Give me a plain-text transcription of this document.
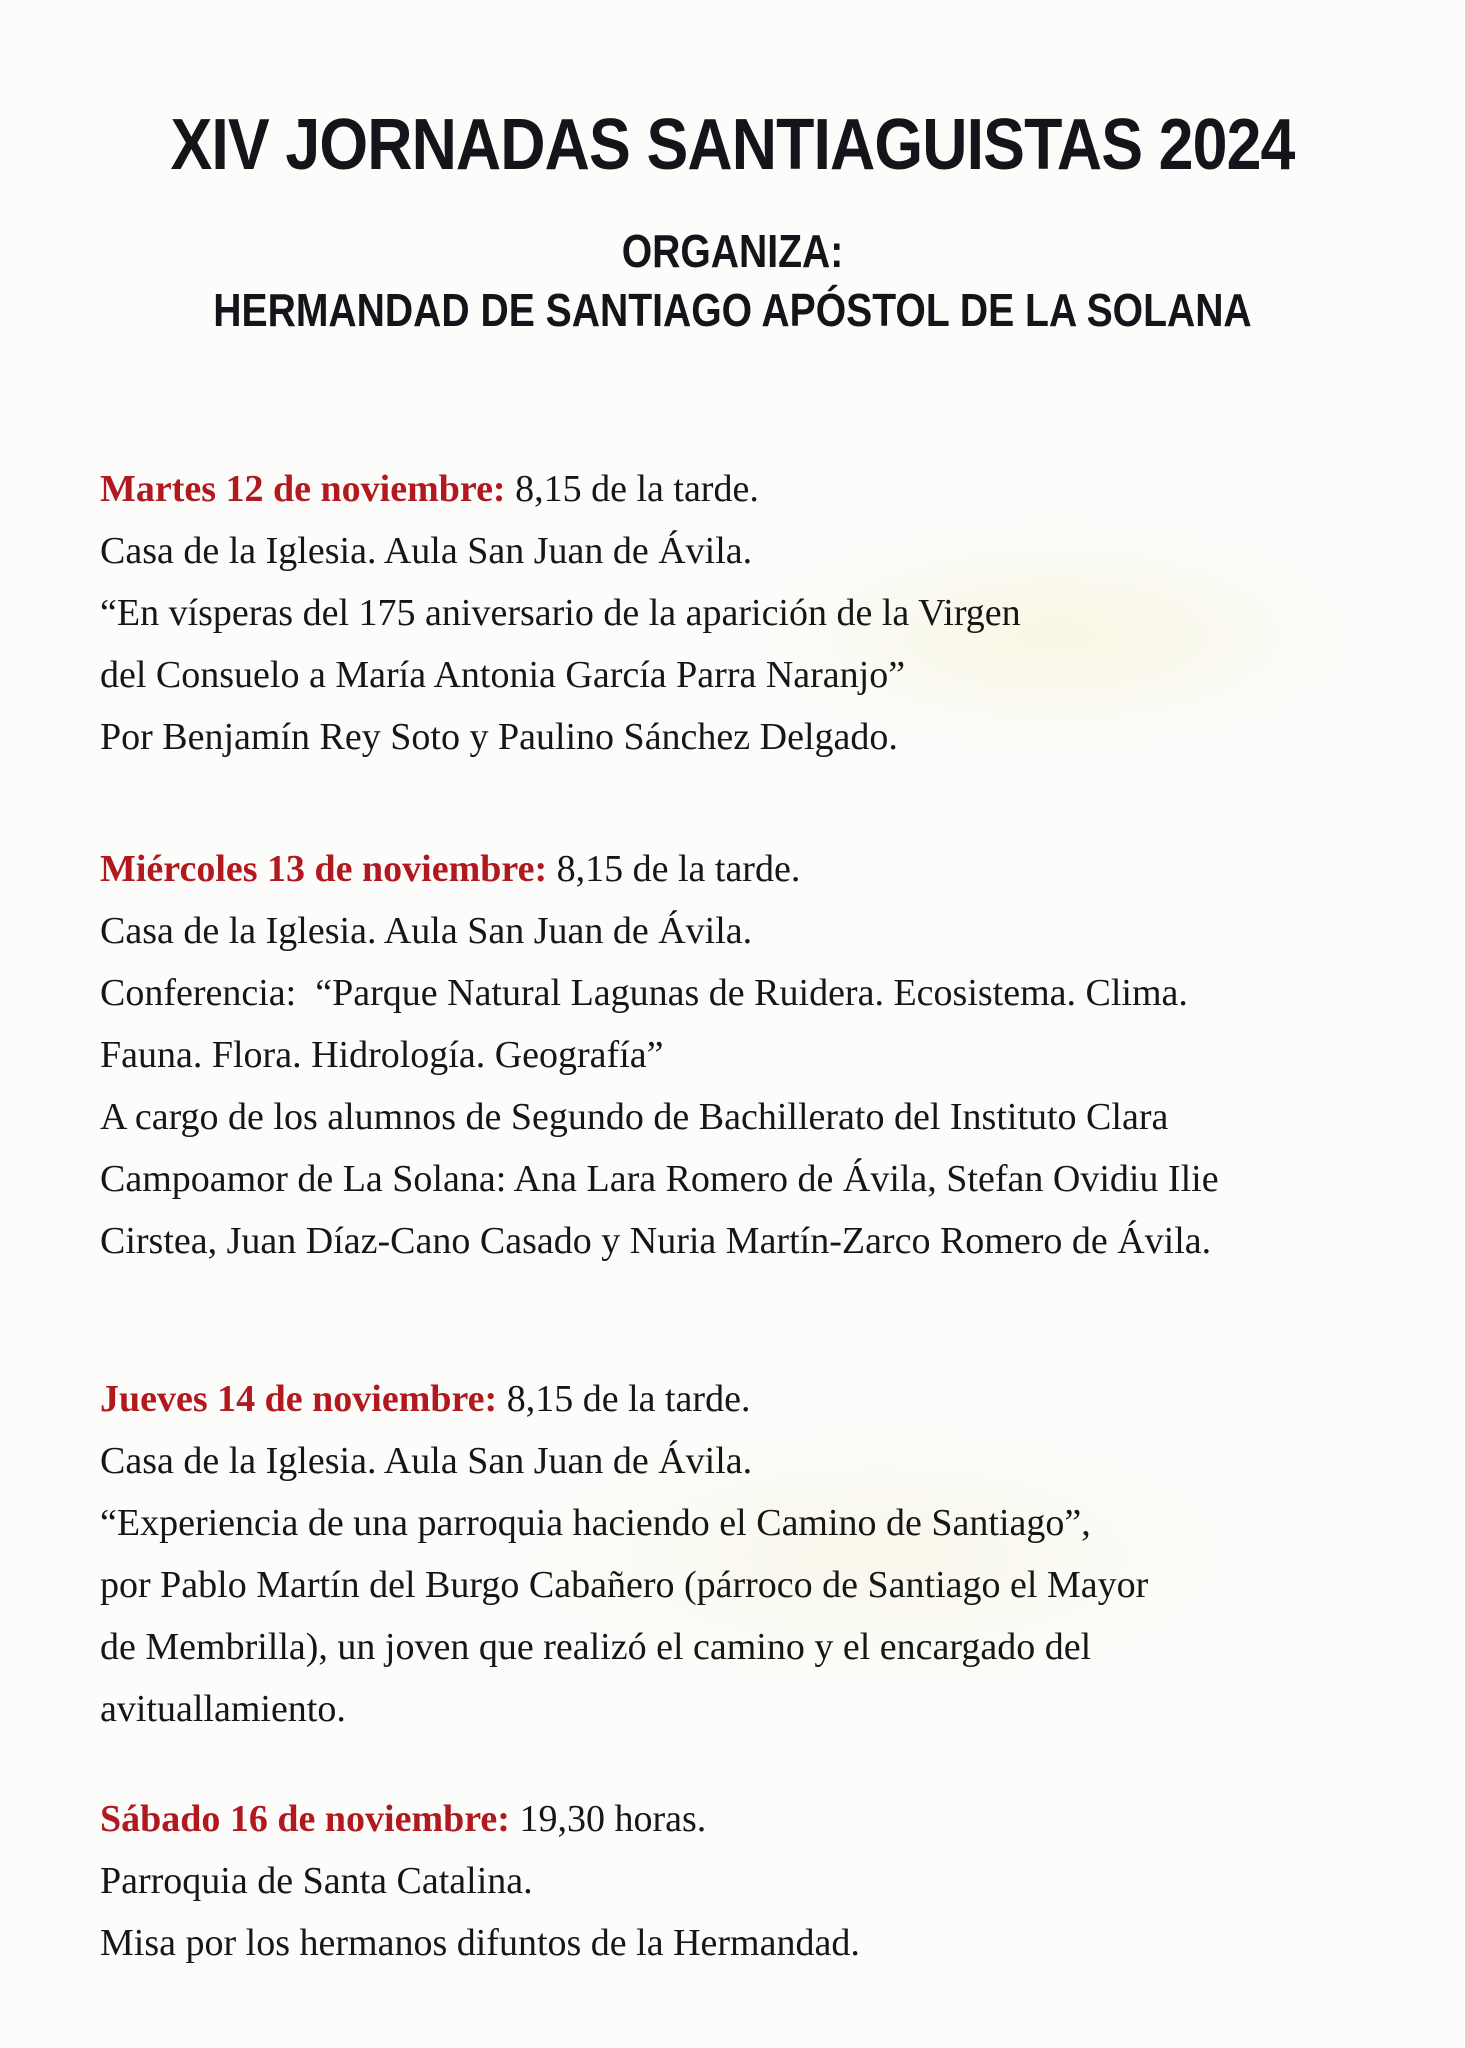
XIV JORNADAS SANTIAGUISTAS 2024
ORGANIZA:
HERMANDAD DE SANTIAGO APÓSTOL DE LA SOLANA
Martes 12 de noviembre: 8,15 de la tarde.
Casa de la Iglesia. Aula San Juan de Ávila.
“En vísperas del 175 aniversario de la aparición de la Virgen
del Consuelo a María Antonia García Parra Naranjo”
Por Benjamín Rey Soto y Paulino Sánchez Delgado.
Miércoles 13 de noviembre: 8,15 de la tarde.
Casa de la Iglesia. Aula San Juan de Ávila.
Conferencia:  “Parque Natural Lagunas de Ruidera. Ecosistema. Clima.
Fauna. Flora. Hidrología. Geografía”
A cargo de los alumnos de Segundo de Bachillerato del Instituto Clara
Campoamor de La Solana: Ana Lara Romero de Ávila, Stefan Ovidiu Ilie
Cirstea, Juan Díaz-Cano Casado y Nuria Martín-Zarco Romero de Ávila.
Jueves 14 de noviembre: 8,15 de la tarde.
Casa de la Iglesia. Aula San Juan de Ávila.
“Experiencia de una parroquia haciendo el Camino de Santiago”,
por Pablo Martín del Burgo Cabañero (párroco de Santiago el Mayor
de Membrilla), un joven que realizó el camino y el encargado del
avituallamiento.
Sábado 16 de noviembre: 19,30 horas.
Parroquia de Santa Catalina.
Misa por los hermanos difuntos de la Hermandad.
